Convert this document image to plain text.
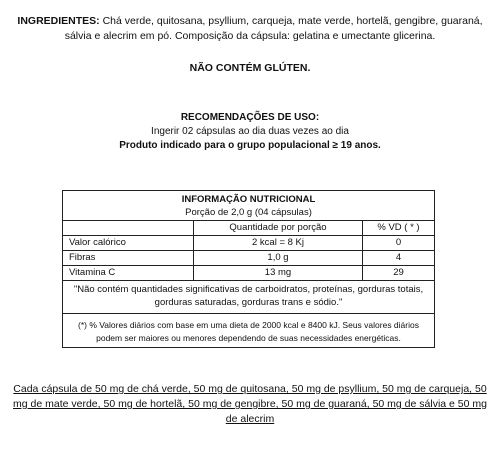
INGREDIENTES: Chá verde, quitosana, psyllium, carqueja, mate verde, hortelã, gengibre, guaraná, sálvia e alecrim em pó. Composição da cápsula: gelatina e umectante glicerina.
NÃO CONTÉM GLÚTEN.
RECOMENDAÇÕES DE USO:
Ingerir 02 cápsulas ao dia duas vezes ao dia
Produto indicado para o grupo populacional ≥ 19 anos.
INFORMAÇÃO NUTRICIONAL
Porção de 2,0 g (04 cápsulas)
	Quantidade por porção	% VD ( * )
Valor calórico	2 kcal = 8 Kj	0
Fibras	1,0 g	4
Vitamina C	13 mg	29
"Não contém quantidades significativas de carboidratos, proteínas, gorduras totais, gorduras saturadas, gorduras trans e sódio."
(*) % Valores diários com base em uma dieta de 2000 kcal e 8400 kJ. Seus valores diários podem ser maiores ou menores dependendo de suas necessidades energéticas.
Cada cápsula de 50 mg de chá verde, 50 mg de quitosana, 50 mg de psyllium, 50 mg de carqueja, 50 mg de mate verde, 50 mg de hortelã, 50 mg de gengibre, 50 mg de guaraná, 50 mg de sálvia e 50 mg de alecrim
